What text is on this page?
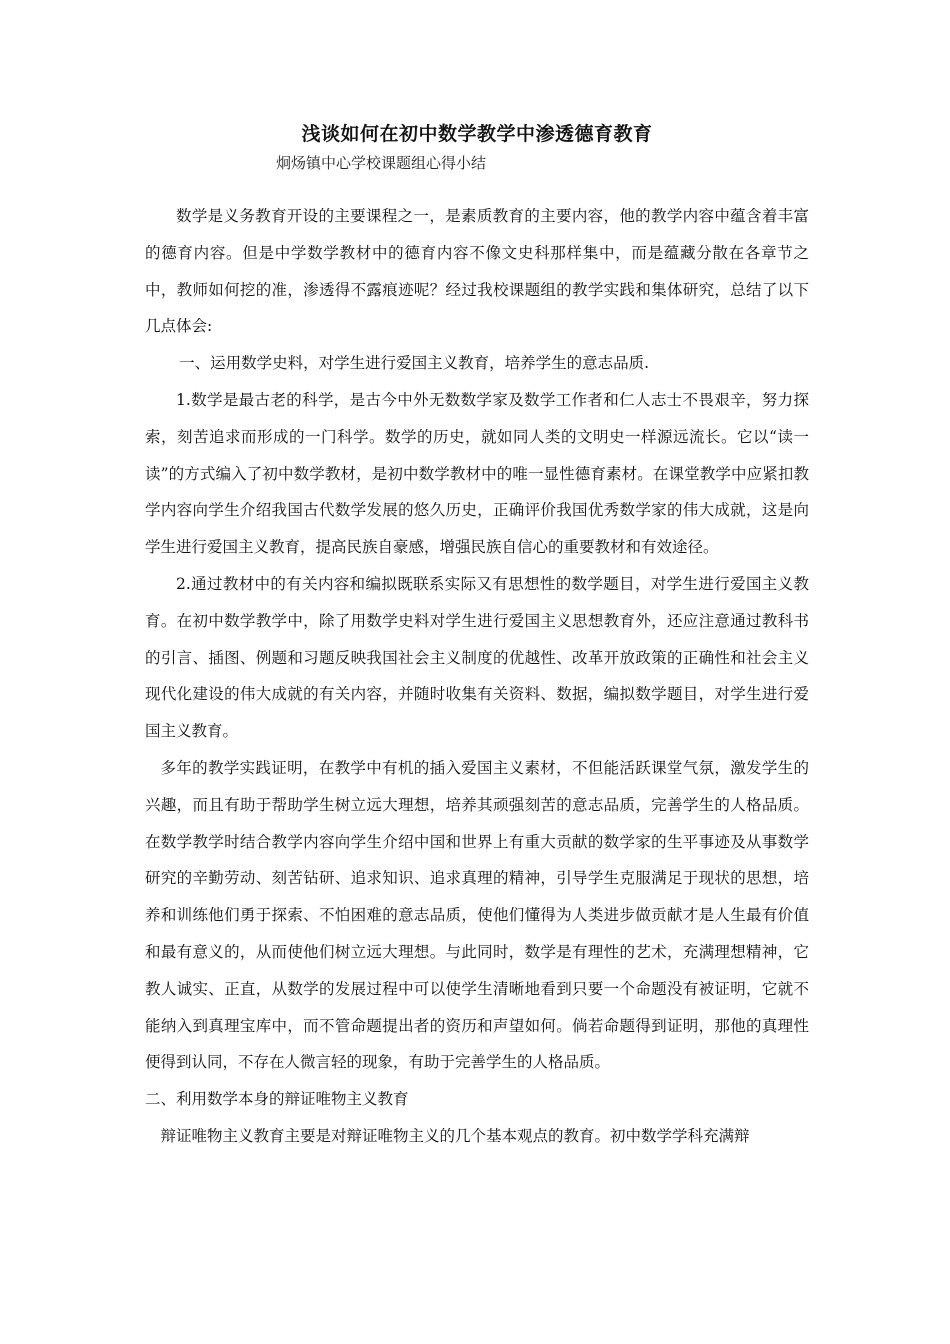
浅谈如何在初中数学教学中渗透德育教育
炯炀镇中心学校课题组心得小结

数学是义务教育开设的主要课程之一，是素质教育的主要内容，他的教学内容中蕴含着丰富的德育内容。但是中学数学教材中的德育内容不像文史科那样集中，而是蕴藏分散在各章节之中，教师如何挖的准，渗透得不露痕迹呢？经过我校课题组的教学实践和集体研究，总结了以下几点体会:

一、运用数学史料，对学生进行爱国主义教育，培养学生的意志品质.

1.数学是最古老的科学，是古今中外无数数学家及数学工作者和仁人志士不畏艰辛，努力探索，刻苦追求而形成的一门科学。数学的历史，就如同人类的文明史一样源远流长。它以“读一读”的方式编入了初中数学教材，是初中数学教材中的唯一显性德育素材。在课堂教学中应紧扣教学内容向学生介绍我国古代数学发展的悠久历史，正确评价我国优秀数学家的伟大成就，这是向学生进行爱国主义教育，提高民族自豪感，增强民族自信心的重要教材和有效途径。

2.通过教材中的有关内容和编拟既联系实际又有思想性的数学题目，对学生进行爱国主义教育。在初中数学教学中，除了用数学史料对学生进行爱国主义思想教育外，还应注意通过教科书的引言、插图、例题和习题反映我国社会主义制度的优越性、改革开放政策的正确性和社会主义现代化建设的伟大成就的有关内容，并随时收集有关资料、数据，编拟数学题目，对学生进行爱国主义教育。

多年的教学实践证明，在教学中有机的插入爱国主义素材，不但能活跃课堂气氛，激发学生的兴趣，而且有助于帮助学生树立远大理想，培养其顽强刻苦的意志品质，完善学生的人格品质。在数学教学时结合教学内容向学生介绍中国和世界上有重大贡献的数学家的生平事迹及从事数学研究的辛勤劳动、刻苦钻研、追求知识、追求真理的精神，引导学生克服满足于现状的思想，培养和训练他们勇于探索、不怕困难的意志品质，使他们懂得为人类进步做贡献才是人生最有价值和最有意义的，从而使他们树立远大理想。与此同时，数学是有理性的艺术，充满理想精神，它教人诚实、正直，从数学的发展过程中可以使学生清晰地看到只要一个命题没有被证明，它就不能纳入到真理宝库中，而不管命题提出者的资历和声望如何。倘若命题得到证明，那他的真理性便得到认同，不存在人微言轻的现象，有助于完善学生的人格品质。

二、利用数学本身的辩证唯物主义教育

辩证唯物主义教育主要是对辩证唯物主义的几个基本观点的教育。初中数学学科充满辩
